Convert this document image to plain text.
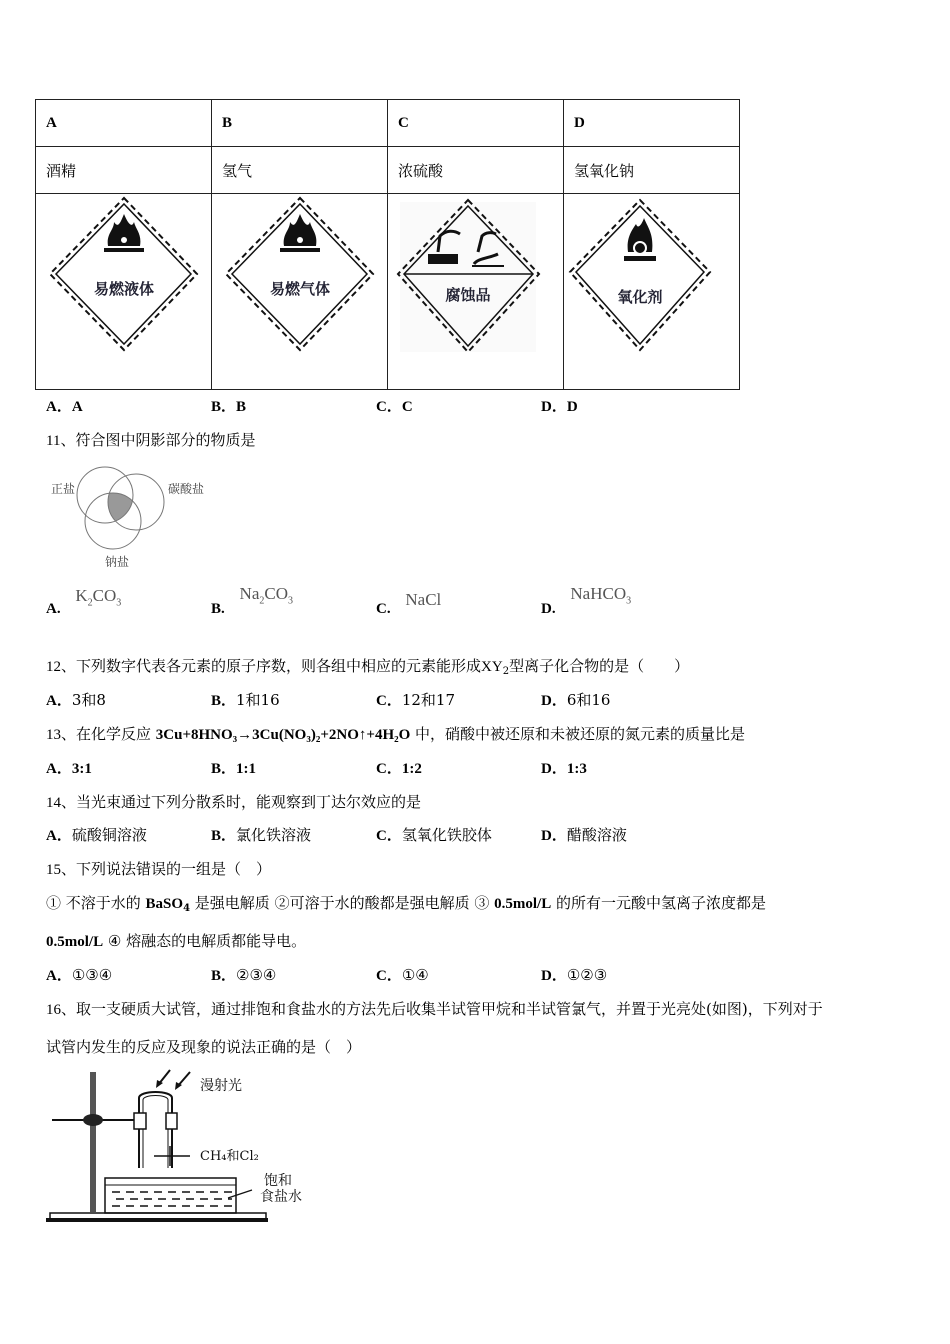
A	B	C	D
酒精	氢气	浓硫酸	氢氧化钠

易燃液体	易燃气体	腐蚀品	氧化剂
A．A	B．B	C．C	D．D
11、符合图中阴影部分的物质是
正盐	碳酸盐
钠盐
A. $K_2CO_3$	B. $Na_2CO_3$
C. NaCl	D. NaHCO$_3$
12、下列数字代表各元素的原子序数，则各组中相应的元素能形成$XY_2$型离子化合物的是（　　）
A．3和8	B．1和16	C．12和17	D．6和16
13、在化学反应 3Cu+8HNO₃→3Cu(NO₃)₂+2NO↑+4H₂O 中，硝酸中被还原和未被还原的氮元素的质量比是
A．3:1	B．1:1	C．1:2	D．1:3
14、当光束通过下列分散系时，能观察到丁达尔效应的是
A．硫酸铜溶液	B．氯化铁溶液	C．氢氧化铁胶体	D．醋酸溶液
15、下列说法错误的一组是（　）
① 不溶于水的 BaSO$_4$ 是强电解质 ②可溶于水的酸都是强电解质 ③ 0.5mol/L 的所有一元酸中氢离子浓度都是
0.5mol/L ④ 熔融态的电解质都能导电。
A．①③④	B．②③④	C．①④	D．①②③
16、取一支硬质大试管，通过排饱和食盐水的方法先后收集半试管甲烷和半试管氯气，并置于光亮处(如图)，下列对于
试管内发生的反应及现象的说法正确的是（　）
漫射光
CH₄和Cl₂
饱和
食盐水
